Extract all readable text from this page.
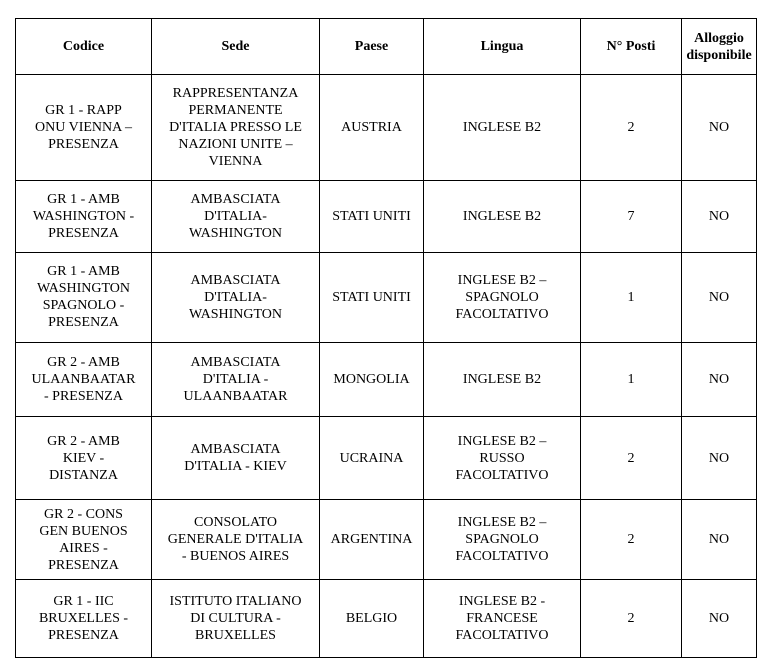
Codice	Sede	Paese	Lingua	N° Posti	Alloggio disponibile

GR 1 - RAPP
ONU VIENNA –
PRESENZA	RAPPRESENTANZA
PERMANENTE
D'ITALIA PRESSO LE
NAZIONI UNITE –
VIENNA	AUSTRIA	INGLESE B2	2	NO

GR 1 - AMB
WASHINGTON -
PRESENZA	AMBASCIATA
D'ITALIA-
WASHINGTON	STATI UNITI	INGLESE B2	7	NO

GR 1 - AMB
WASHINGTON
SPAGNOLO -
PRESENZA	AMBASCIATA
D'ITALIA-
WASHINGTON	STATI UNITI	INGLESE B2 –
SPAGNOLO
FACOLTATIVO	1	NO

GR 2 - AMB
ULAANBAATAR
- PRESENZA	AMBASCIATA
D'ITALIA -
ULAANBAATAR	MONGOLIA	INGLESE B2	1	NO

GR 2 - AMB
KIEV -
DISTANZA	AMBASCIATA
D'ITALIA - KIEV	UCRAINA	INGLESE B2 –
RUSSO
FACOLTATIVO	2	NO

GR 2 - CONS
GEN BUENOS
AIRES -
PRESENZA	CONSOLATO
GENERALE D'ITALIA
- BUENOS AIRES	ARGENTINA	INGLESE B2 –
SPAGNOLO
FACOLTATIVO	2	NO

GR 1 - IIC
BRUXELLES -
PRESENZA	ISTITUTO ITALIANO
DI CULTURA -
BRUXELLES	BELGIO	INGLESE B2 -
FRANCESE
FACOLTATIVO	2	NO
